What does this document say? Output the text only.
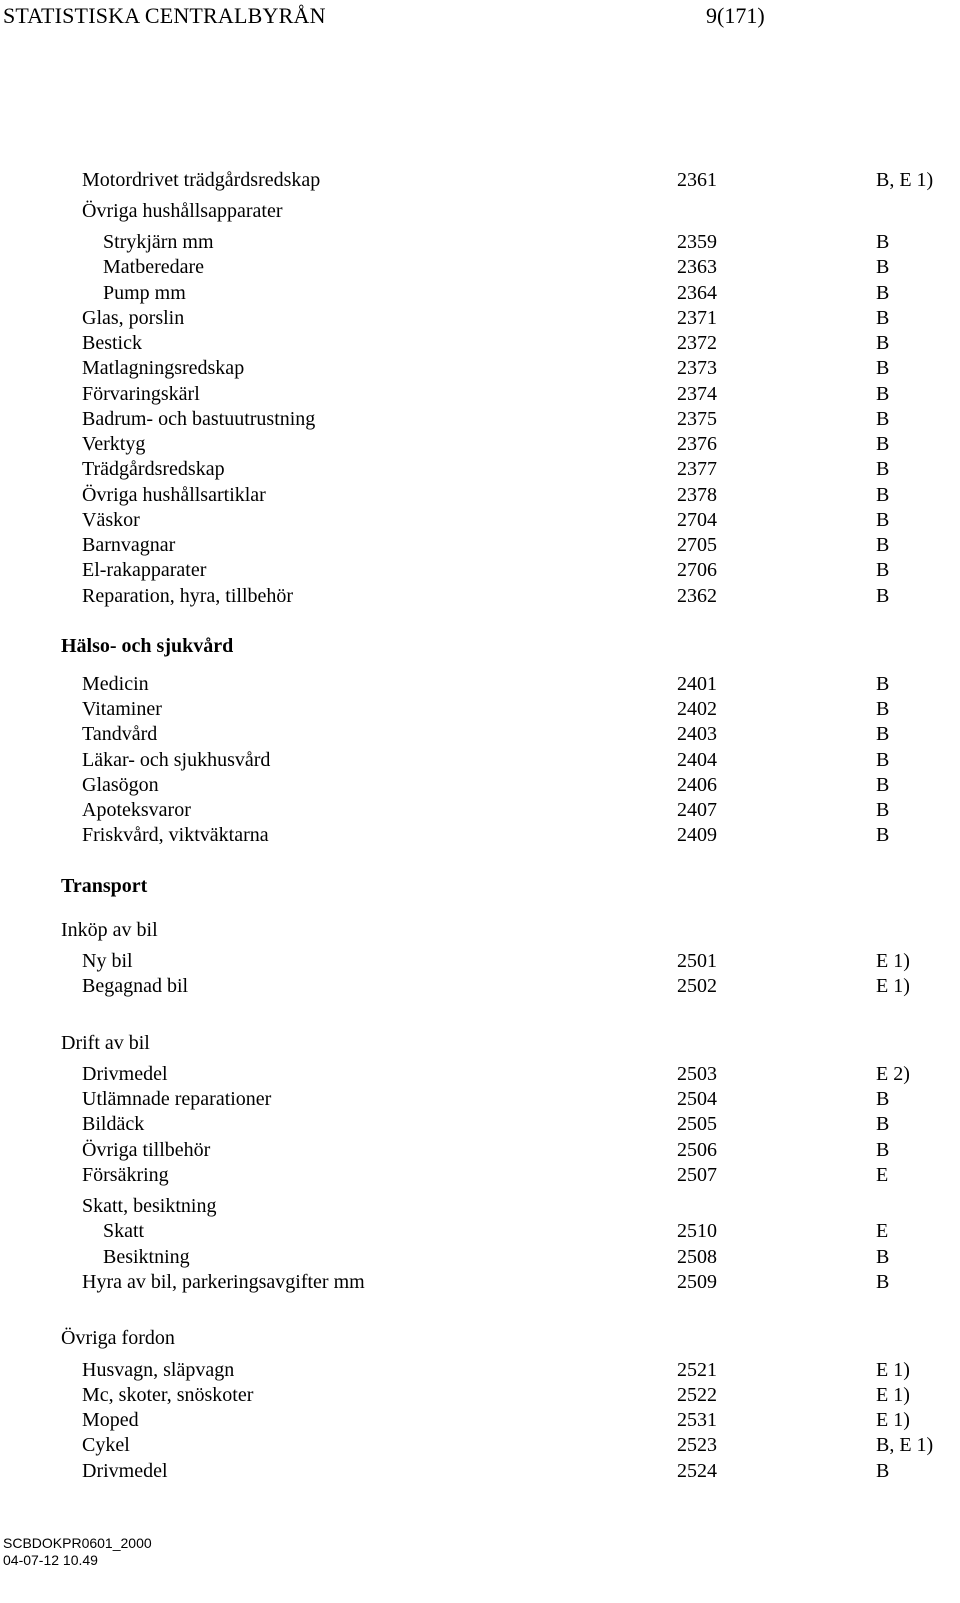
STATISTISKA CENTRALBYRÅN	9(171)
Motordrivet trädgårdsredskap	2361	B, E 1)
Övriga hushållsapparater
Strykjärn mm	2359	B
Matberedare	2363	B
Pump mm	2364	B
Glas, porslin	2371	B
Bestick	2372	B
Matlagningsredskap	2373	B
Förvaringskärl	2374	B
Badrum- och bastuutrustning	2375	B
Verktyg	2376	B
Trädgårdsredskap	2377	B
Övriga hushållsartiklar	2378	B
Väskor	2704	B
Barnvagnar	2705	B
El-rakapparater	2706	B
Reparation, hyra, tillbehör	2362	B
Hälso- och sjukvård
Medicin	2401	B
Vitaminer	2402	B
Tandvård	2403	B
Läkar- och sjukhusvård	2404	B
Glasögon	2406	B
Apoteksvaror	2407	B
Friskvård, viktväktarna	2409	B
Transport
Inköp av bil
Ny bil	2501	E 1)
Begagnad bil	2502	E 1)
Drift av bil
Drivmedel	2503	E 2)
Utlämnade reparationer	2504	B
Bildäck	2505	B
Övriga tillbehör	2506	B
Försäkring	2507	E
Skatt, besiktning
Skatt	2510	E
Besiktning	2508	B
Hyra av bil, parkeringsavgifter mm	2509	B
Övriga fordon
Husvagn, släpvagn	2521	E 1)
Mc, skoter, snöskoter	2522	E 1)
Moped	2531	E 1)
Cykel	2523	B, E 1)
Drivmedel	2524	B
SCBDOKPR0601_2000
04-07-12 10.49
